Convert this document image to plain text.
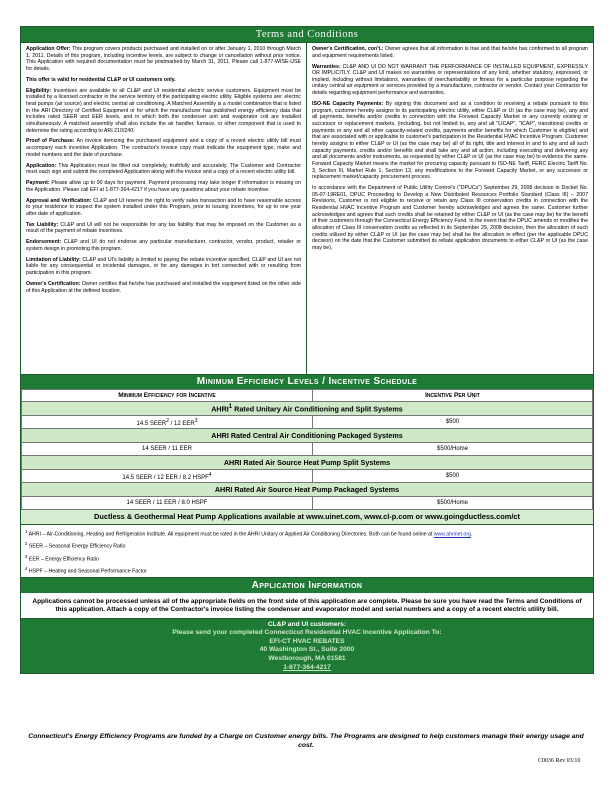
Terms and Conditions

Application Offer: This program covers products purchased and installed on or after January 1, 2010 through March 1, 2011. Details of this program, including incentive levels, are subject to change or cancellation without prior notice. This Application with required documentation must be postmarked by March 31, 2011. Please call 1-877-WISE-USE for details.

This offer is valid for residential CL&P or UI customers only.

Eligibility: Incentives are available to all CL&P and UI residential electric service customers. Equipment must be installed by a licensed contractor in the service territory of the participating electric utility. Eligible systems are: electric heat pumps (air source) and electric central air conditioning. A Matched Assembly is a model combination that is listed in the ARI Directory of Certified Equipment or for which the manufacturer has published energy efficiency data that includes rated SEER and EER levels, and in which both the condenser unit and evaporator coil are installed simultaneously. A matched assembly shall also include the air handler, furnace, or other component that is used to determine the rating according to ARI 210/240.

Proof of Purchase: An invoice itemizing the purchased equipment and a copy of a recent electric utility bill must accompany each incentive Application. The contractor's invoice copy must indicate the equipment type, make and model numbers and the date of purchase.

Application: This Application must be filled out completely, truthfully and accurately. The Customer and Contractor must each sign and submit the completed Application along with the invoice and a copy of a recent electric utility bill.

Payment: Please allow up to 90 days for payment. Payment processing may take longer if information is missing on the Application. Please call EFI at 1-877-364-4217 if you have any questions about your rebate incentive.

Approval and Verification: CL&P and UI reserve the right to verify sales transaction and to have reasonable access to your residence to inspect the system installed under this Program, prior to issuing incentives, for up to one year after date of application.

Tax Liability: CL&P and UI will not be responsible for any tax liability that may be imposed on the Customer as a result of the payment of rebate incentives.

Endorsement: CL&P and UI do not endorse any particular manufacturer, contractor, vendor, product, retailer or system design in promoting this program.

Limitation of Liability: CL&P and UI's liability is limited to paying the rebate incentive specified. CL&P and UI are not liable for any consequential or incidental damages, or for any damages in tort connected with or resulting from participation in this program.

Owner's Certification: Owner certifies that he/she has purchased and installed the equipment listed on the other side of this Application at the defined location.

Owner's Certification, con't.: Owner agrees that all information is true and that he/she has conformed to all program and equipment requirements listed.

Warranties: CL&P AND UI DO NOT WARRANT THE PERFORMANCE OF INSTALLED EQUIPMENT, EXPRESSLY OR IMPLICITLY. CL&P and UI makes no warranties or representations of any kind, whether statutory, expressed, or implied, including without limitations, warranties of merchantability or fitness for a particular purpose regarding the unitary central air equipment or services provided by a manufacturer, contractor or vendor. Contact your Contractor for details regarding equipment performance and warranties.

ISO-NE Capacity Payments: By signing this document and as a condition to receiving a rebate pursuant to this program, customer hereby assigns to its participating electric utility, either CL&P or UI (as the case may be), any and all payments, benefits and/or credits in connection with the Forward Capacity Market or any currently existing or successor or replacement markets, (including, but not limited to, any and all "LICAP", "ICAP", transitional credits or payments or any and all other capacity-related credits, payments and/or benefits for which Customer is eligible) and that are associated with or applicable to customer's participation in the Residential HVAC Incentive Program. Customer hereby assigns to either CL&P or UI (as the case may be) all of its right, title and interest in and to any and all such capacity payments, credits and/or benefits and shall take any and all action, including executing and delivering any and all documents and/or instruments, as requested by either CL&P or UI (as the case may be) to evidence the same. Forward Capacity Market means the market for procuring capacity pursuant to ISO-NE Tariff, FERC Electric Tariff No. 3, Section III, Market Rule 1, Section 13, any modifications to the Forward Capacity Market, or any successor or replacement market/capacity procurement process.

In accordance with the Department of Public Utility Control's ("DPUCs") September 29, 2008 decision in Docket No. 05-07-19RE01, DPUC Proceeding to Develop a New Distributed Resources Portfolio Standard (Class III) – 2007 Revisions, Customer is not eligible to receive or retain any Class III conservation credits in connection with the Residential HVAC Incentive Program and Customer hereby acknowledges and agrees the same. Customer further acknowledges and agrees that such credits shall be retained by either CL&P or UI (as the case may be) for the benefit of their customers through the Connecticut Energy Efficiency Fund. In the event that the DPUC amends or modifies the allocation of Class III conservation credits as reflected in its September 29, 2008 decision, then the allocation of such credits utilized by either CL&P or UI (as the case may be) shall be the allocation in effect (per the applicable DPUC decision) on the date that the Customer submitted its rebate application documents to either CL&P or UI (as the case may be).

Minimum Efficiency Levels / Incentive Schedule
Minimum Efficiency for Incentive	Incentive Per Unit
AHRI$^1$ Rated Unitary Air Conditioning and Split Systems	
14.5 SEER$^2$ / 12 EER$^3$	$500
AHRI Rated Central Air Conditioning Packaged Systems	
14 SEER / 11 EER	$500/Home
AHRI Rated Air Source Heat Pump Split Systems	
14.5 SEER / 12 EER / 8.2 HSPF$^4$	$500
AHRI Rated Air Source Heat Pump Packaged Systems	
14 SEER / 11 EER / 8.0 HSPF	$500/Home
Ductless & Geothermal Heat Pump Applications available at www.uinet.com, www.cl-p.com or www.goingductless.com/ct
$^1$ AHRI – Air-Conditioning, Heating and Refrigeration Institute. All equipment must be rated in the AHRI Unitary or Applied Air Conditioning Directories. Both can be found online at www.ahrinet.org.
$^2$ SEER – Seasonal Energy Efficiency Ratio
$^3$ EER – Energy Efficiency Ratio
$^4$ HSPF – Heating and Seasonal Performance Factor
Application Information
Applications cannot be processed unless all of the appropriate fields on the front side of this application are complete. Please be sure you have read the Terms and Conditions of this application. Attach a copy of the Contractor's invoice listing the condenser and evaporator model and serial numbers and a copy of a recent electric utility bill.
CL&P and UI customers:
Please send your completed Connecticut Residential HVAC Incentive Application To:
EFI-CT HVAC REBATES
40 Washington St., Suite 2000
Westborough, MA 01581
1-877-364-4217
Connecticut's Energy Efficiency Programs are funded by a Charge on Customer energy bills. The Programs are designed to help customers manage their energy usage and cost.
C0036 Rev 03/10
